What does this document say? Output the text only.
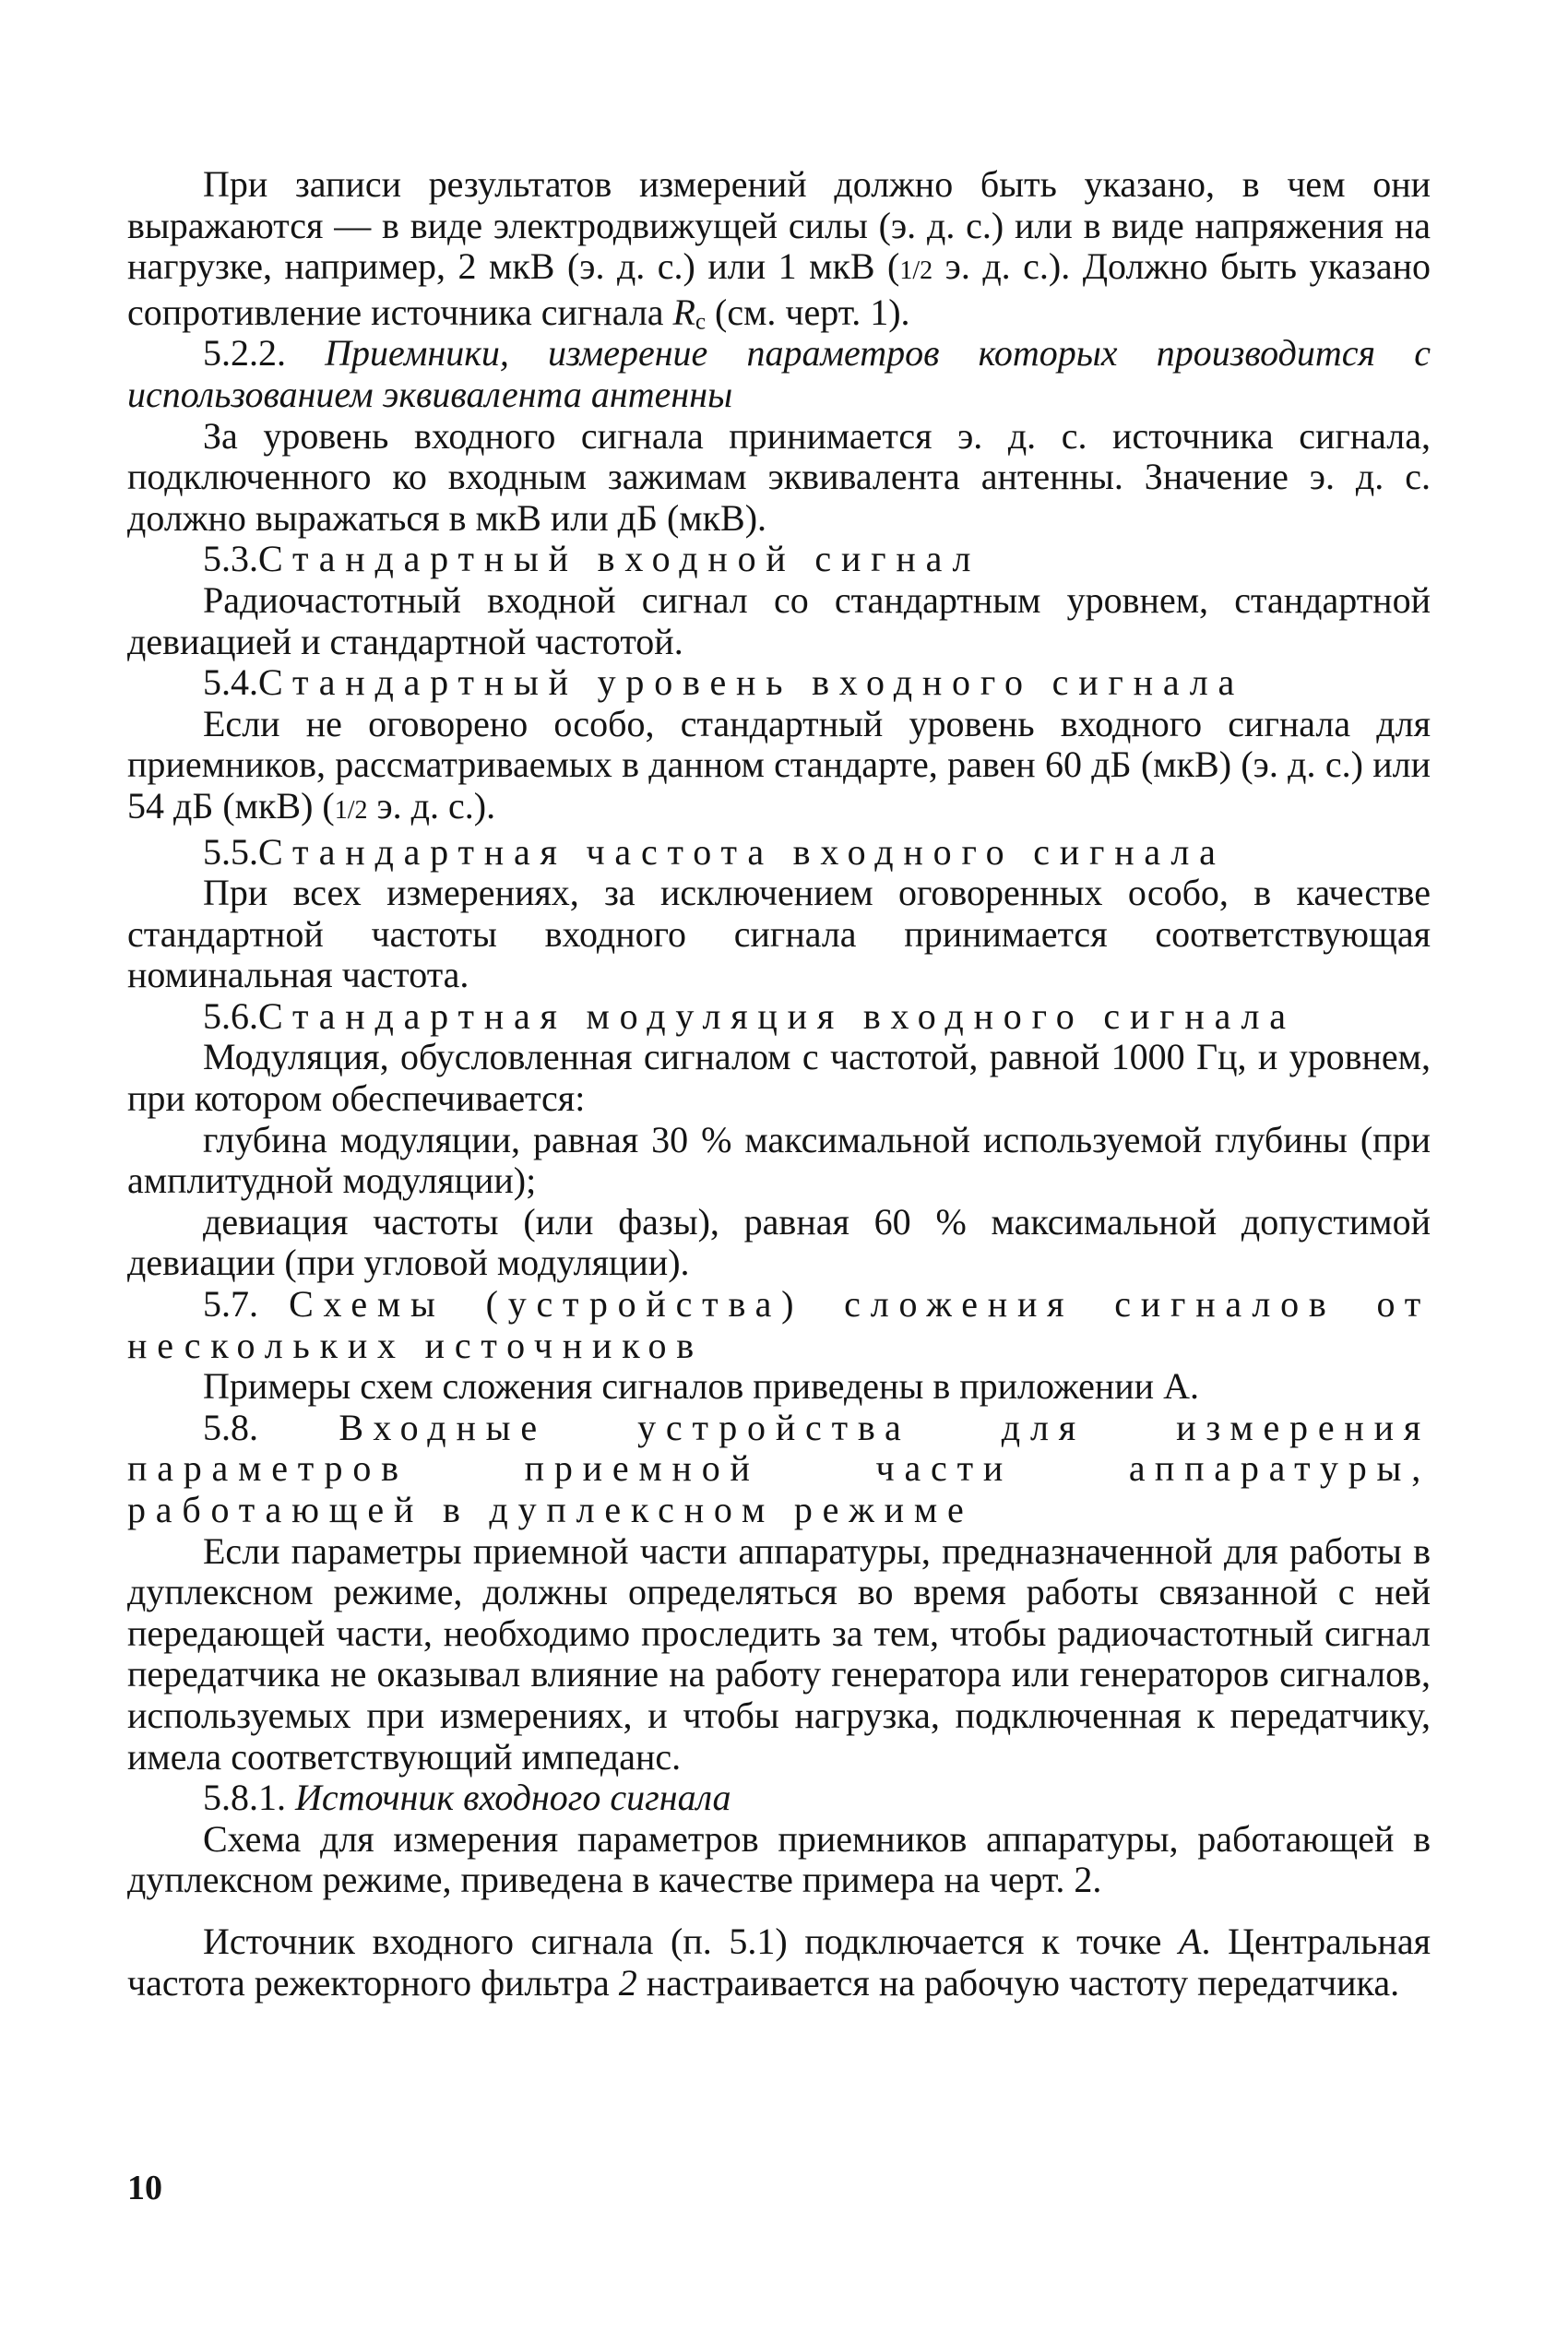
При записи результатов измерений должно быть указано, в чем они выражаются — в виде электродвижущей силы (э. д. с.) или в виде напряжения на нагрузке, например, 2 мкВ (э. д. с.) или 1 мкВ (1/2 э. д. с.). Должно быть указано сопротивление источника сигнала $R_c$ (см. черт. 1).

5.2.2. Приемники, измерение параметров которых производится с использованием эквивалента антенны

За уровень входного сигнала принимается э. д. с. источника сигнала, подключенного ко входным зажимам эквивалента антенны. Значение э. д. с. должно выражаться в мкВ или дБ (мкВ).

5.3.Стандартный входной сигнал

Радиочастотный входной сигнал со стандартным уровнем, стандартной девиацией и стандартной частотой.

5.4.Стандартный уровень входного сигнала

Если не оговорено особо, стандартный уровень входного сигнала для приемников, рассматриваемых в данном стандарте, равен 60 дБ (мкВ) (э. д. с.) или 54 дБ (мкВ) (1/2 э. д. с.).

5.5.Стандартная частота входного сигнала

При всех измерениях, за исключением оговоренных особо, в качестве стандартной частоты входного сигнала принимается соответствующая номинальная частота.

5.6.Стандартная модуляция входного сигнала

Модуляция, обусловленная сигналом с частотой, равной 1000 Гц, и уровнем, при котором обеспечивается:

глубина модуляции, равная 30 % максимальной используемой глубины (при амплитудной модуляции);

девиация частоты (или фазы), равная 60 % максимальной допустимой девиации (при угловой модуляции).

5.7. Схемы (устройства) сложения сигналов от нескольких источников

Примеры схем сложения сигналов приведены в приложении А.

5.8. Входные устройства для измерения параметров приемной части аппаратуры, работающей в дуплексном режиме

Если параметры приемной части аппаратуры, предназначенной для работы в дуплексном режиме, должны определяться во время работы связанной с ней передающей части, необходимо проследить за тем, чтобы радиочастотный сигнал передатчика не оказывал влияние на работу генератора или генераторов сигналов, используемых при измерениях, и чтобы нагрузка, подключенная к передатчику, имела соответствующий импеданс.

5.8.1. Источник входного сигнала

Схема для измерения параметров приемников аппаратуры, работающей в дуплексном режиме, приведена в качестве примера на черт. 2.

Источник входного сигнала (п. 5.1) подключается к точке А. Центральная частота режекторного фильтра 2 настраивается на рабочую частоту передатчика.

10
